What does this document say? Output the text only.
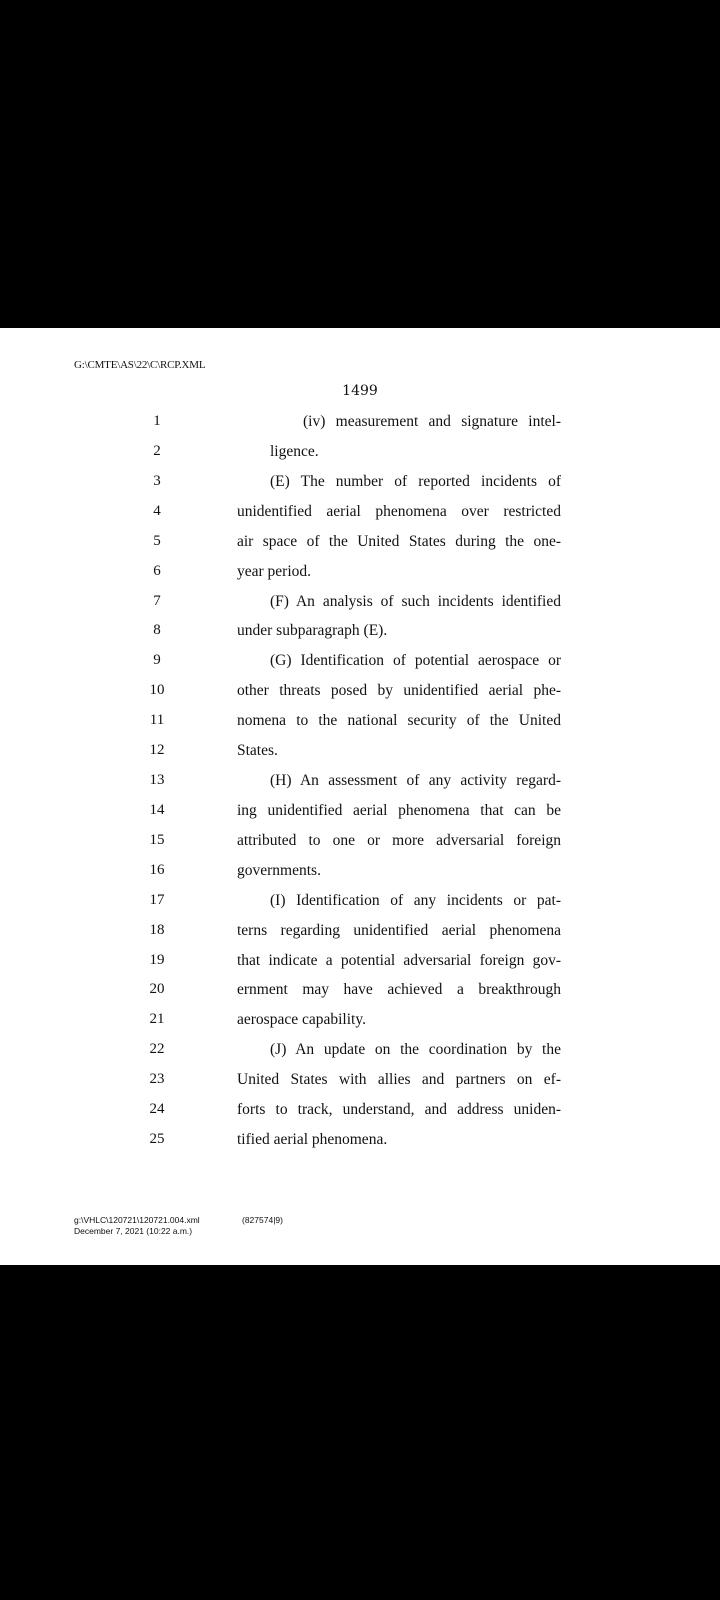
G:\CMTE\AS\22\C\RCP.XML
1499
1	(iv) measurement and signature intel-
2	ligence.
3	(E) The number of reported incidents of
4	unidentified aerial phenomena over restricted
5	air space of the United States during the one-
6	year period.
7	(F) An analysis of such incidents identified
8	under subparagraph (E).
9	(G) Identification of potential aerospace or
10	other threats posed by unidentified aerial phe-
11	nomena to the national security of the United
12	States.
13	(H) An assessment of any activity regard-
14	ing unidentified aerial phenomena that can be
15	attributed to one or more adversarial foreign
16	governments.
17	(I) Identification of any incidents or pat-
18	terns regarding unidentified aerial phenomena
19	that indicate a potential adversarial foreign gov-
20	ernment may have achieved a breakthrough
21	aerospace capability.
22	(J) An update on the coordination by the
23	United States with allies and partners on ef-
24	forts to track, understand, and address uniden-
25	tified aerial phenomena.
g:\VHLC\120721\120721.004.xml	(827574|9)
December 7, 2021 (10:22 a.m.)
